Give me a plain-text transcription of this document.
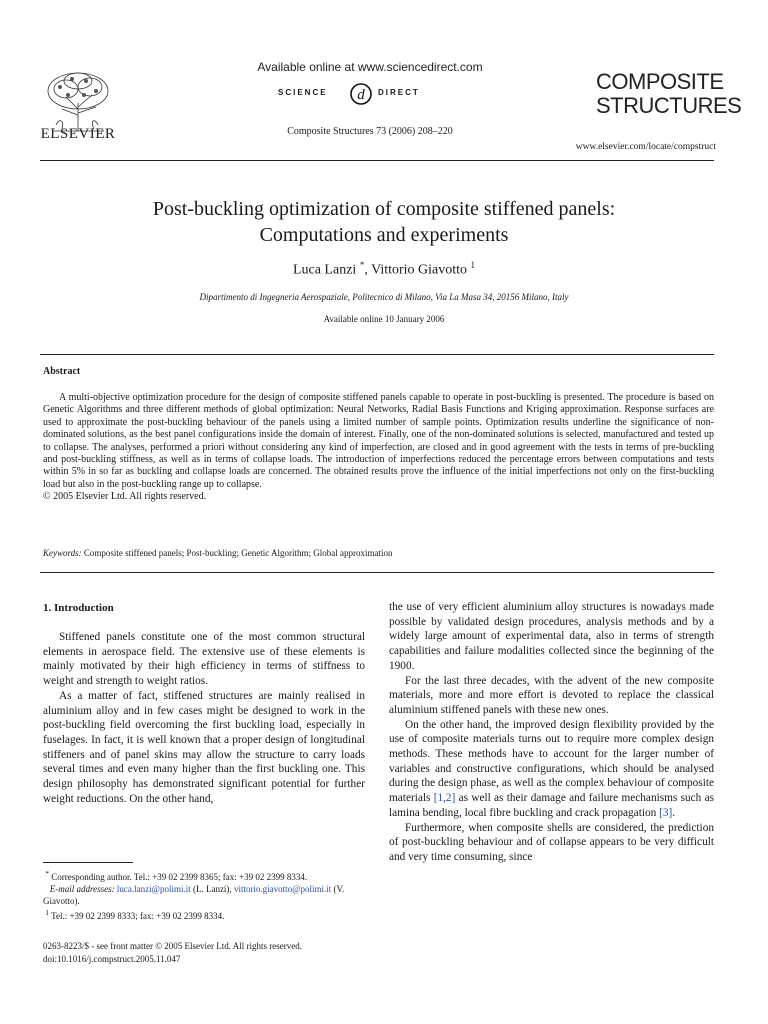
ELSEVIER
Available online at www.sciencedirect.com
SCIENCE d DIRECT
Composite Structures 73 (2006) 208–220
COMPOSITE
STRUCTURES
www.elsevier.com/locate/compstruct
Post-buckling optimization of composite stiffened panels:
Computations and experiments
Luca Lanzi *, Vittorio Giavotto $^1$
Dipartimento di Ingegneria Aerospaziale, Politecnico di Milano, Via La Masa 34, 20156 Milano, Italy
Available online 10 January 2006
Abstract
A multi-objective optimization procedure for the design of composite stiffened panels capable to operate in post-buckling is presented. The procedure is based on Genetic Algorithms and three different methods of global optimization: Neural Networks, Radial Basis Functions and Kriging approximation. Response surfaces are used to approximate the post-buckling behaviour of the panels using a limited number of sample points. Optimization results underline the significance of non-dominated solutions, as the best panel configurations inside the domain of interest. Finally, one of the non-dominated solutions is selected, manufactured and tested up to collapse. The analyses, performed a priori without considering any kind of imperfection, are closed and in good agreement with the tests in terms of pre-buckling and post-buckling stiffness, as well as in terms of collapse loads. The introduction of imperfections reduced the percentage errors between computations and tests within 5% in so far as buckling and collapse loads are concerned. The obtained results prove the influence of the initial imperfections not only on the first-buckling load but also in the post-buckling range up to collapse.
© 2005 Elsevier Ltd. All rights reserved.
Keywords: Composite stiffened panels; Post-buckling; Genetic Algorithm; Global approximation
1. Introduction

Stiffened panels constitute one of the most common structural elements in aerospace field. The extensive use of these elements is mainly motivated by their high efficiency in terms of stiffness to weight and strength to weight ratios.

As a matter of fact, stiffened structures are mainly realised in aluminium alloy and in few cases might be designed to work in the post-buckling field overcoming the first buckling load, especially in fuselages. In fact, it is well known that a proper design of longitudinal stiffeners and of panel skins may allow the structure to carry loads several times and even many higher than the first buckling one. This design philosophy has demonstrated significant potential for further weight reductions. On the other hand,

the use of very efficient aluminium alloy structures is nowadays made possible by validated design procedures, analysis methods and by a widely large amount of experimental data, also in terms of strength capabilities and failure modalities collected since the beginning of the 1900.

For the last three decades, with the advent of the new composite materials, more and more effort is devoted to replace the classical aluminium stiffened panels with these new ones.

On the other hand, the improved design flexibility provided by the use of composite materials turns out to require more complex design methods. These methods have to account for the larger number of variables and constructive configurations, which should be analysed during the design phase, as well as the complex behaviour of composite materials [1,2] as well as their damage and failure mechanisms such as lamina bending, local fibre buckling and crack propagation [3].

Furthermore, when composite shells are considered, the prediction of post-buckling behaviour and of collapse appears to be very difficult and very time consuming, since

* Corresponding author. Tel.: +39 02 2399 8365; fax: +39 02 2399 8334.

E-mail addresses: luca.lanzi@polimi.it (L. Lanzi), vittorio.giavotto@polimi.it (V. Giavotto).

$^1$ Tel.: +39 02 2399 8333; fax: +39 02 2399 8334.

0263-8223/$ - see front matter © 2005 Elsevier Ltd. All rights reserved.

doi:10.1016/j.compstruct.2005.11.047
